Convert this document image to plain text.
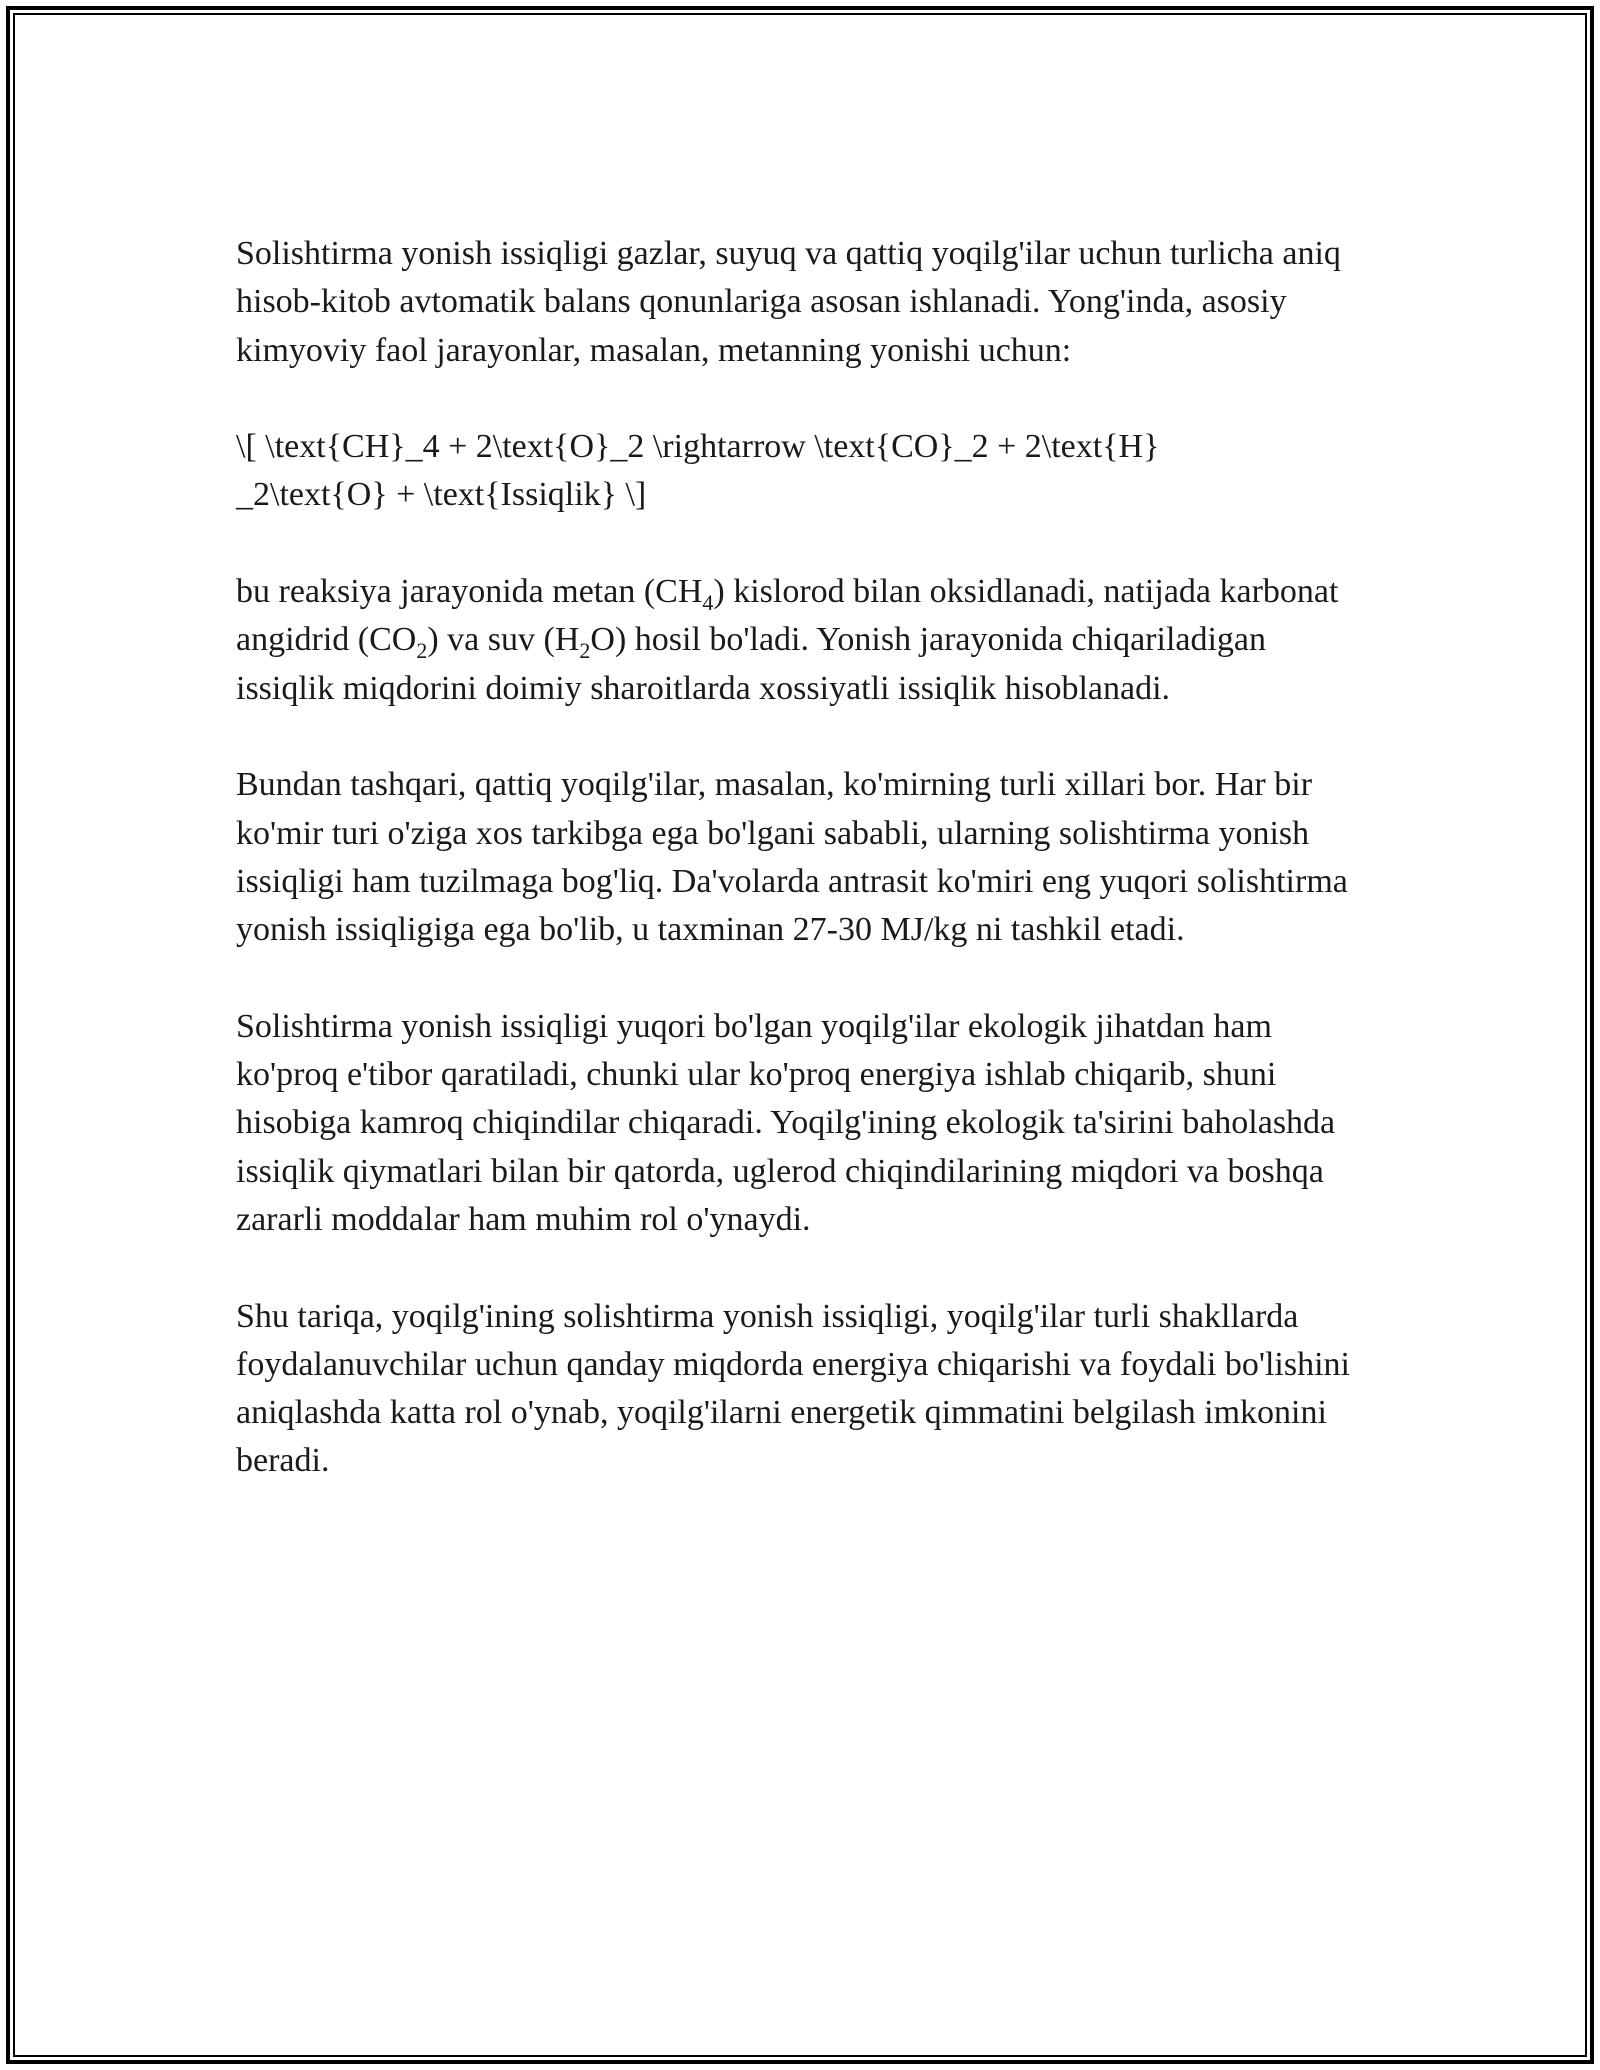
Solishtirma yonish issiqligi gazlar, suyuq va qattiq yoqilg'ilar uchun turlicha aniq hisob-kitob avtomatik balans qonunlariga asosan ishlanadi. Yong'inda, asosiy kimyoviy faol jarayonlar, masalan, metanning yonishi uchun:

\[ \text{CH}_4 + 2\text{O}_2 \rightarrow \text{CO}_2 + 2\text{H}
_2\text{O} + \text{Issiqlik} \]

bu reaksiya jarayonida metan $(CH_4)$ kislorod bilan oksidlanadi, natijada karbonat angidrid $(CO_2)$ va suv $(H_2O)$ hosil bo'ladi. Yonish jarayonida chiqariladigan issiqlik miqdorini doimiy sharoitlarda xossiyatli issiqlik hisoblanadi.

Bundan tashqari, qattiq yoqilg'ilar, masalan, ko'mirning turli xillari bor. Har bir ko'mir turi o'ziga xos tarkibga ega bo'lgani sababli, ularning solishtirma yonish issiqligi ham tuzilmaga bog'liq. Da'volarda antrasit ko'miri eng yuqori solishtirma yonish issiqligiga ega bo'lib, u taxminan 27-30 MJ/kg ni tashkil etadi.

Solishtirma yonish issiqligi yuqori bo'lgan yoqilg'ilar ekologik jihatdan ham ko'proq e'tibor qaratiladi, chunki ular ko'proq energiya ishlab chiqarib, shuni hisobiga kamroq chiqindilar chiqaradi. Yoqilg'ining ekologik ta'sirini baholashda issiqlik qiymatlari bilan bir qatorda, uglerod chiqindilarining miqdori va boshqa zararli moddalar ham muhim rol o'ynaydi.

Shu tariqa, yoqilg'ining solishtirma yonish issiqligi, yoqilg'ilar turli shakllarda foydalanuvchilar uchun qanday miqdorda energiya chiqarishi va foydali bo'lishini aniqlashda katta rol o'ynab, yoqilg'ilarni energetik qimmatini belgilash imkonini beradi.
